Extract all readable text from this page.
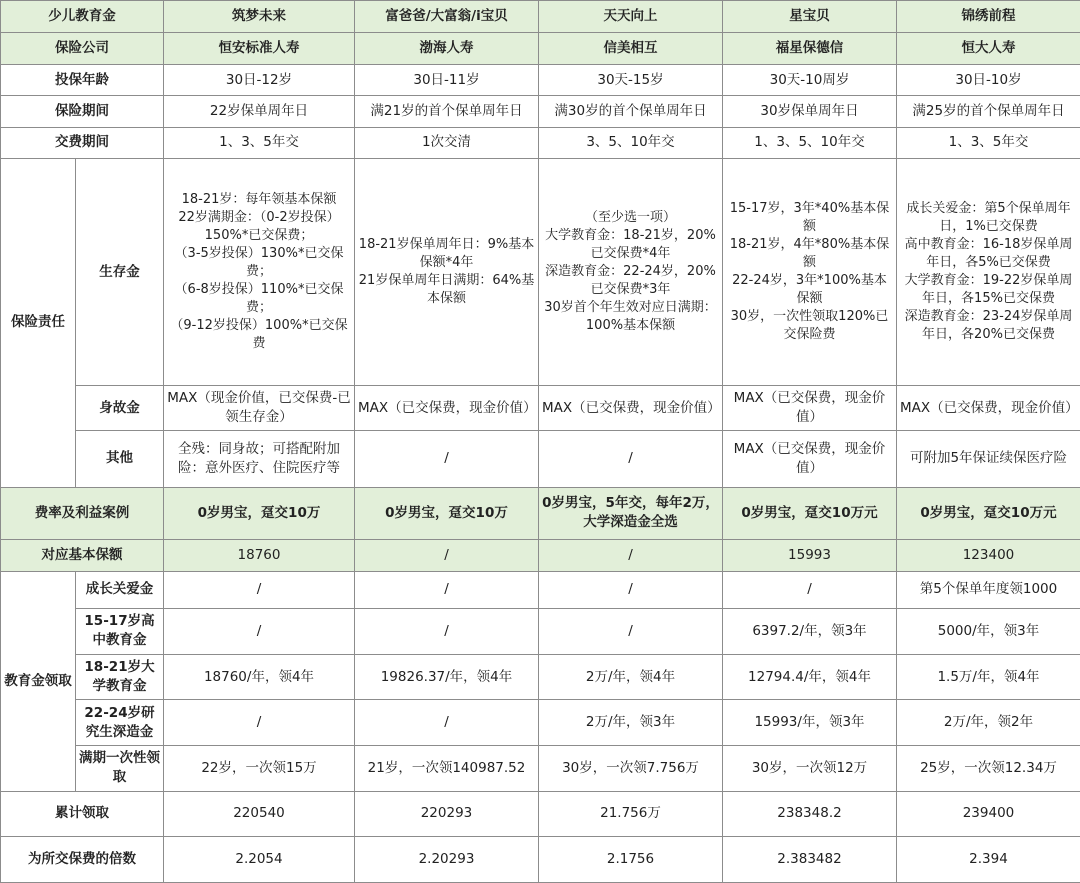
少儿教育金		筑梦未来	富爸爸/大富翁/i宝贝	天天向上	星宝贝	锦绣前程
保险公司		恒安标准人寿	渤海人寿	信美相互	福星保德信	恒大人寿
投保年龄		30日-12岁	30日-11岁	30天-15岁	30天-10周岁	30日-10岁
保险期间		22岁保单周年日	满21岁的首个保单周年日	满30岁的首个保单周年日	30岁保单周年日	满25岁的首个保单周年日
交费期间		1、3、5年交	1次交清	3、5、10年交	1、3、5、10年交	1、3、5年交
保险责任	生存金	18-21岁：每年领基本保额
22岁满期金：（0-2岁投保）150%*已交保费；
（3-5岁投保）130%*已交保费；
（6-8岁投保）110%*已交保费；
（9-12岁投保）100%*已交保费	18-21岁保单周年日：9%基本保额*4年
21岁保单周年日满期：64%基本保额	（至少选一项）
大学教育金：18-21岁，20%已交保费*4年
深造教育金：22-24岁，20%已交保费*3年
30岁首个年生效对应日满期：100%基本保额	15-17岁，3年*40%基本保额
18-21岁，4年*80%基本保额
22-24岁，3年*100%基本保额
30岁，一次性领取120%已交保险费	成长关爱金：第5个保单周年日，1%已交保费
高中教育金：16-18岁保单周年日，各5%已交保费
大学教育金：19-22岁保单周年日，各15%已交保费
深造教育金：23-24岁保单周年日，各20%已交保费
	身故金	MAX（现金价值，已交保费-已领生存金）	MAX（已交保费，现金价值）	MAX（已交保费，现金价值）	MAX（已交保费，现金价值）	MAX（已交保费，现金价值）
	其他	全残：同身故；可搭配附加险：意外医疗、住院医疗等	/	/	MAX（已交保费，现金价值）	可附加5年保证续保医疗险
费率及利益案例		0岁男宝，趸交10万	0岁男宝，趸交10万	0岁男宝，5年交，每年2万，大学深造金全选	0岁男宝，趸交10万元	0岁男宝，趸交10万元
对应基本保额		18760	/	/	15993	123400
教育金领取	成长关爱金	/	/	/	/	第5个保单年度领1000
	15-17岁高中教育金	/	/	/	6397.2/年，领3年	5000/年，领3年
	18-21岁大学教育金	18760/年，领4年	19826.37/年，领4年	2万/年，领4年	12794.4/年，领4年	1.5万/年，领4年
	22-24岁研究生深造金	/	/	2万/年，领3年	15993/年，领3年	2万/年，领2年
	满期一次性领取	22岁，一次领15万	21岁，一次领140987.52	30岁，一次领7.756万	30岁，一次领12万	25岁，一次领12.34万
累计领取		220540	220293	21.756万	238348.2	239400
为所交保费的倍数		2.2054	2.20293	2.1756	2.383482	2.394
